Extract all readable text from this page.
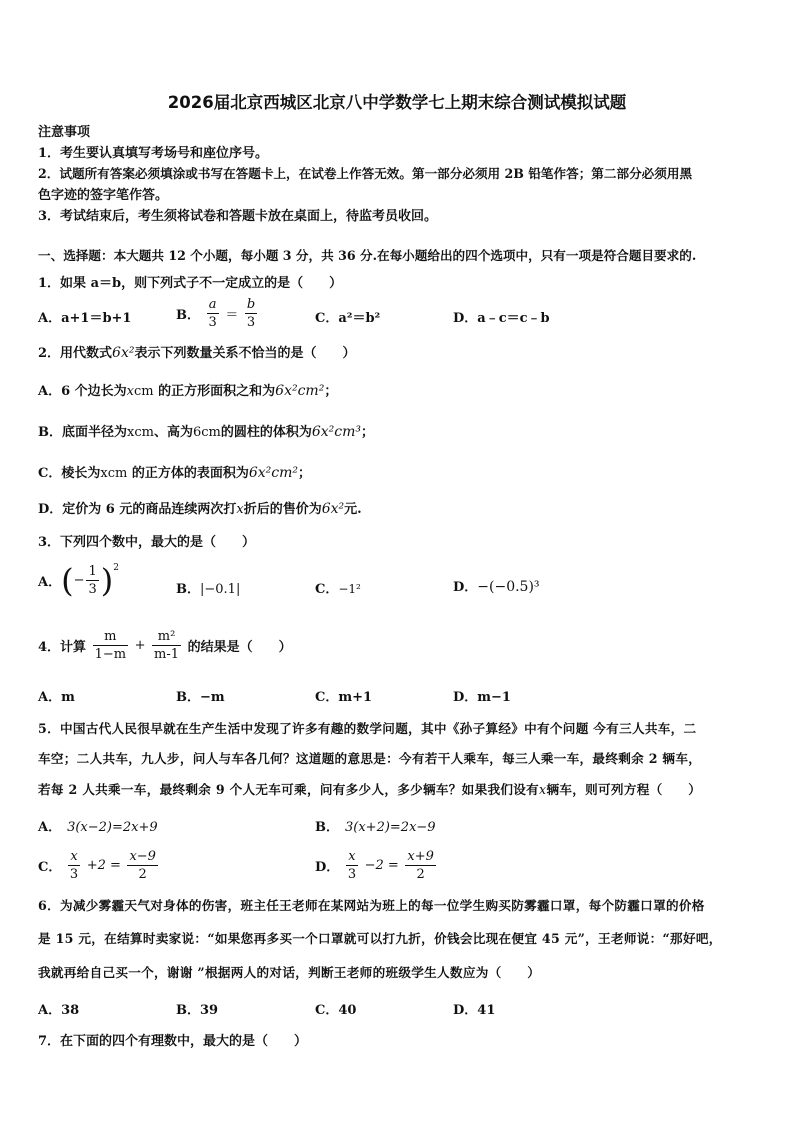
2026届北京西城区北京八中学数学七上期末综合测试模拟试题
注意事项
1．考生要认真填写考场号和座位序号。
2．试题所有答案必须填涂或书写在答题卡上，在试卷上作答无效。第一部分必须用 2B 铅笔作答；第二部分必须用黑
色字迹的签字笔作答。
3．考试结束后，考生须将试卷和答题卡放在桌面上，待监考员收回。
一、选择题：本大题共 12 个小题，每小题 3 分，共 36 分.在每小题给出的四个选项中，只有一项是符合题目要求的.
1．如果 a＝b，则下列式子不一定成立的是（　　）
A．a+1＝b+1	B． $\frac{a}{3} = \frac{b}{3}$	C．a²＝b²	D．a﹣c＝c﹣b
2．用代数式6x²表示下列数量关系不恰当的是（　　）
A．6 个边长为xcm 的正方形面积之和为6x²cm²；
B．底面半径为xcm、高为6cm的圆柱的体积为6x²cm³；
C．棱长为xcm 的正方体的表面积为6x²cm²；
D．定价为 6 元的商品连续两次打x折后的售价为6x²元.
3．下列四个数中，最大的是（　　）
A．(− $\frac{1}{3} )^2$
B．|−0.1|	C．−1²	D．−(−0.5)³
4．计算 $\frac{m}{1-m} + \frac{\text{m²}}{m-1}$ 的结果是（　　）
A．m	B．−m	C．m+1	D．m−1
5．中国古代人民很早就在生产生活中发现了许多有趣的数学问题，其中《孙子算经》中有个问题 今有三人共车，二
车空；二人共车，九人步，问人与车各几何？这道题的意思是：今有若干人乘车，每三人乘一车，最终剩余 2 辆车，
若每 2 人共乘一车，最终剩余 9 个人无车可乘，问有多少人，多少辆车？如果我们设有x辆车，则可列方程（　　）
A． 3(x−2)=2x+9	B． 3(x+2)=2x−9
C． $\frac{x}{3} +2 = \frac{x-9}{2}$	D． $\frac{x}{3} -2 = \frac{x+9}{2}$
6．为减少雾霾天气对身体的伤害，班主任王老师在某网站为班上的每一位学生购买防雾霾口罩，每个防霾口罩的价格
是 15 元，在结算时卖家说：“如果您再多买一个口罩就可以打九折，价钱会比现在便宜 45 元”，王老师说：“那好吧，
我就再给自己买一个，谢谢 ”根据两人的对话，判断王老师的班级学生人数应为（　　）
A．38	B．39	C．40	D．41
7．在下面的四个有理数中，最大的是（　　）
